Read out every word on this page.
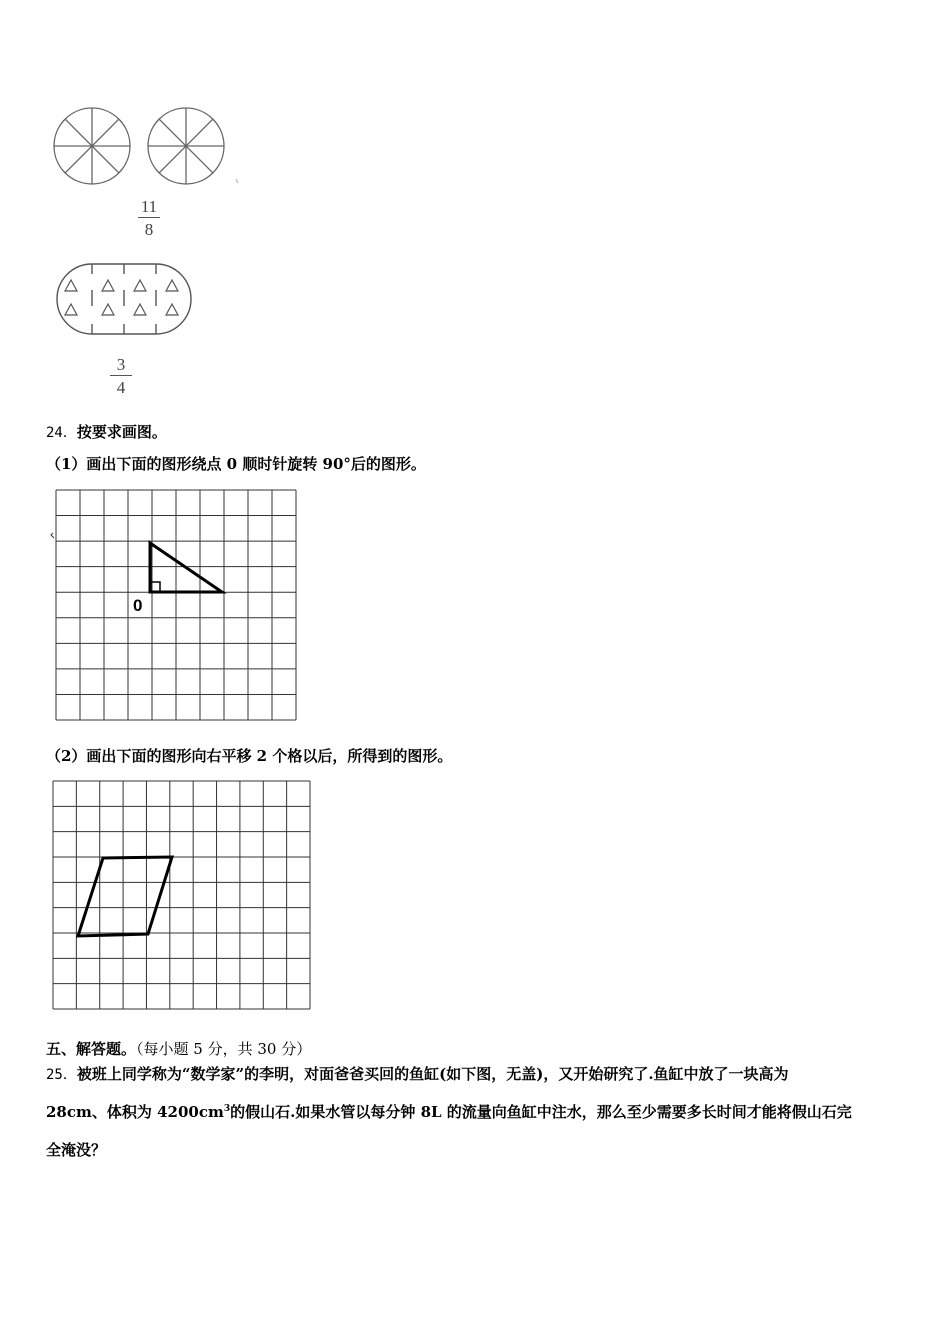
11
8
3
4
24．按要求画图。
（1）画出下面的图形绕点 0 顺时针旋转 90°后的图形。
0
（2）画出下面的图形向右平移 2 个格以后，所得到的图形。
五、解答题。（每小题 5 分，共 30 分）
25．被班上同学称为“数学家”的李明，对面爸爸买回的鱼缸(如下图，无盖)，又开始研究了.鱼缸中放了一块高为
28cm、体积为 $4200cm^3$的假山石.如果水管以每分钟 8L 的流量向鱼缸中注水，那么至少需要多长时间才能将假山石完
全淹没？
